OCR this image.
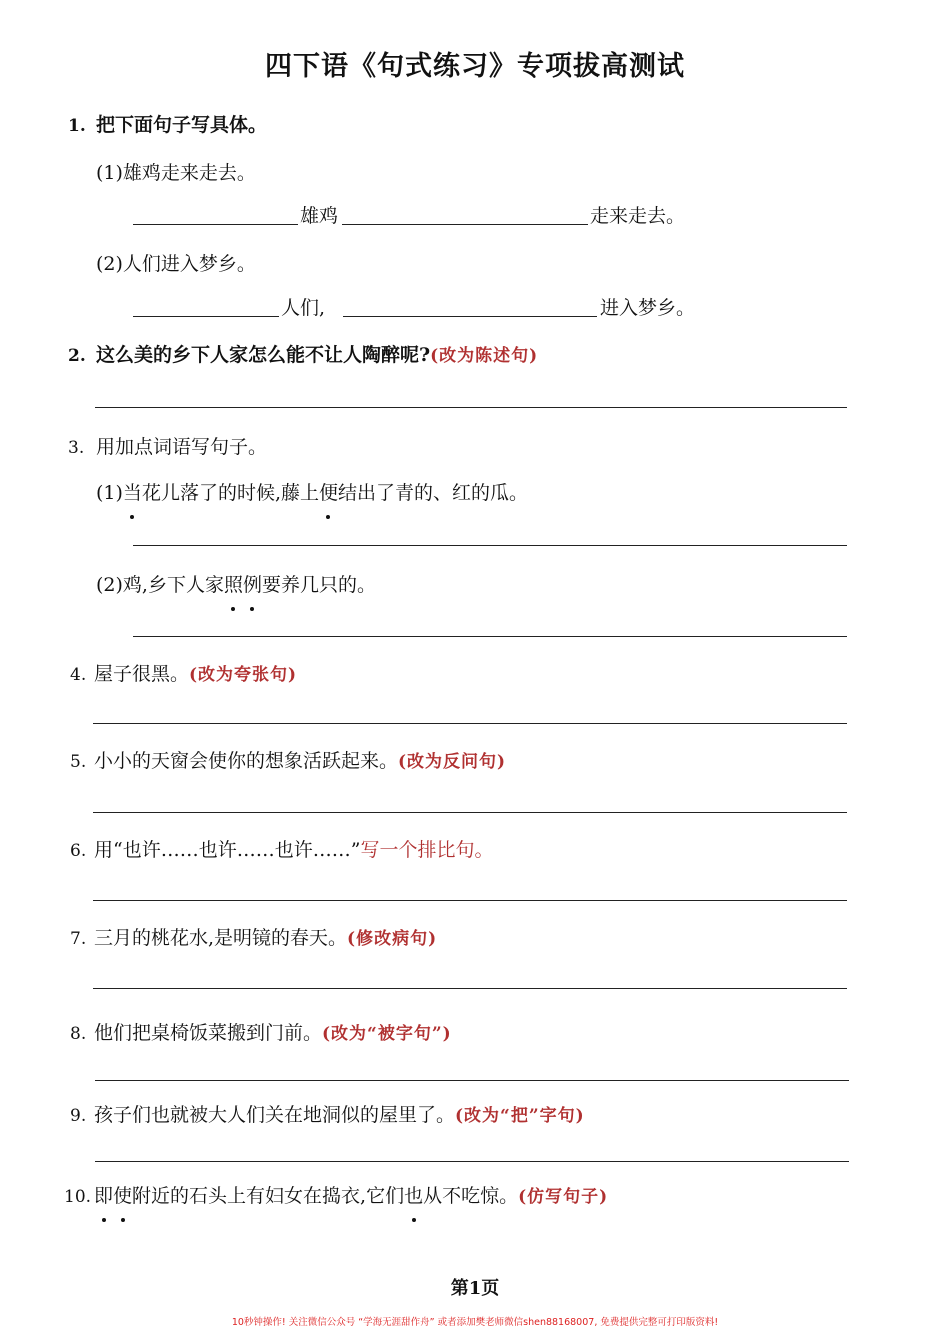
四下语《句式练习》专项拔高测试
1. 把下面句子写具体。
(1)雄鸡走来走去。
雄鸡	走来走去。
(2)人们进入梦乡。
人们,	进入梦乡。
2. 这么美的乡下人家怎么能不让人陶醉呢?(改为陈述句)
3. 用加点词语写句子。
(1)当花儿落了的时候,藤上便结出了青的、红的瓜。
(2)鸡,乡下人家照例要养几只的。
4. 屋子很黑。(改为夸张句)
5. 小小的天窗会使你的想象活跃起来。(改为反问句)
6. 用“也许……也许……也许……”写一个排比句。
7. 三月的桃花水,是明镜的春天。(修改病句)
8. 他们把桌椅饭菜搬到门前。(改为“被字句”)
9. 孩子们也就被大人们关在地洞似的屋里了。(改为“把”字句)
10. 即使附近的石头上有妇女在捣衣,它们也从不吃惊。(仿写句子)
第1页
10秒钟操作! 关注微信公众号 “学海无涯甜作舟” 或者添加樊老师微信shen88168007, 免费提供完整可打印版资料!
